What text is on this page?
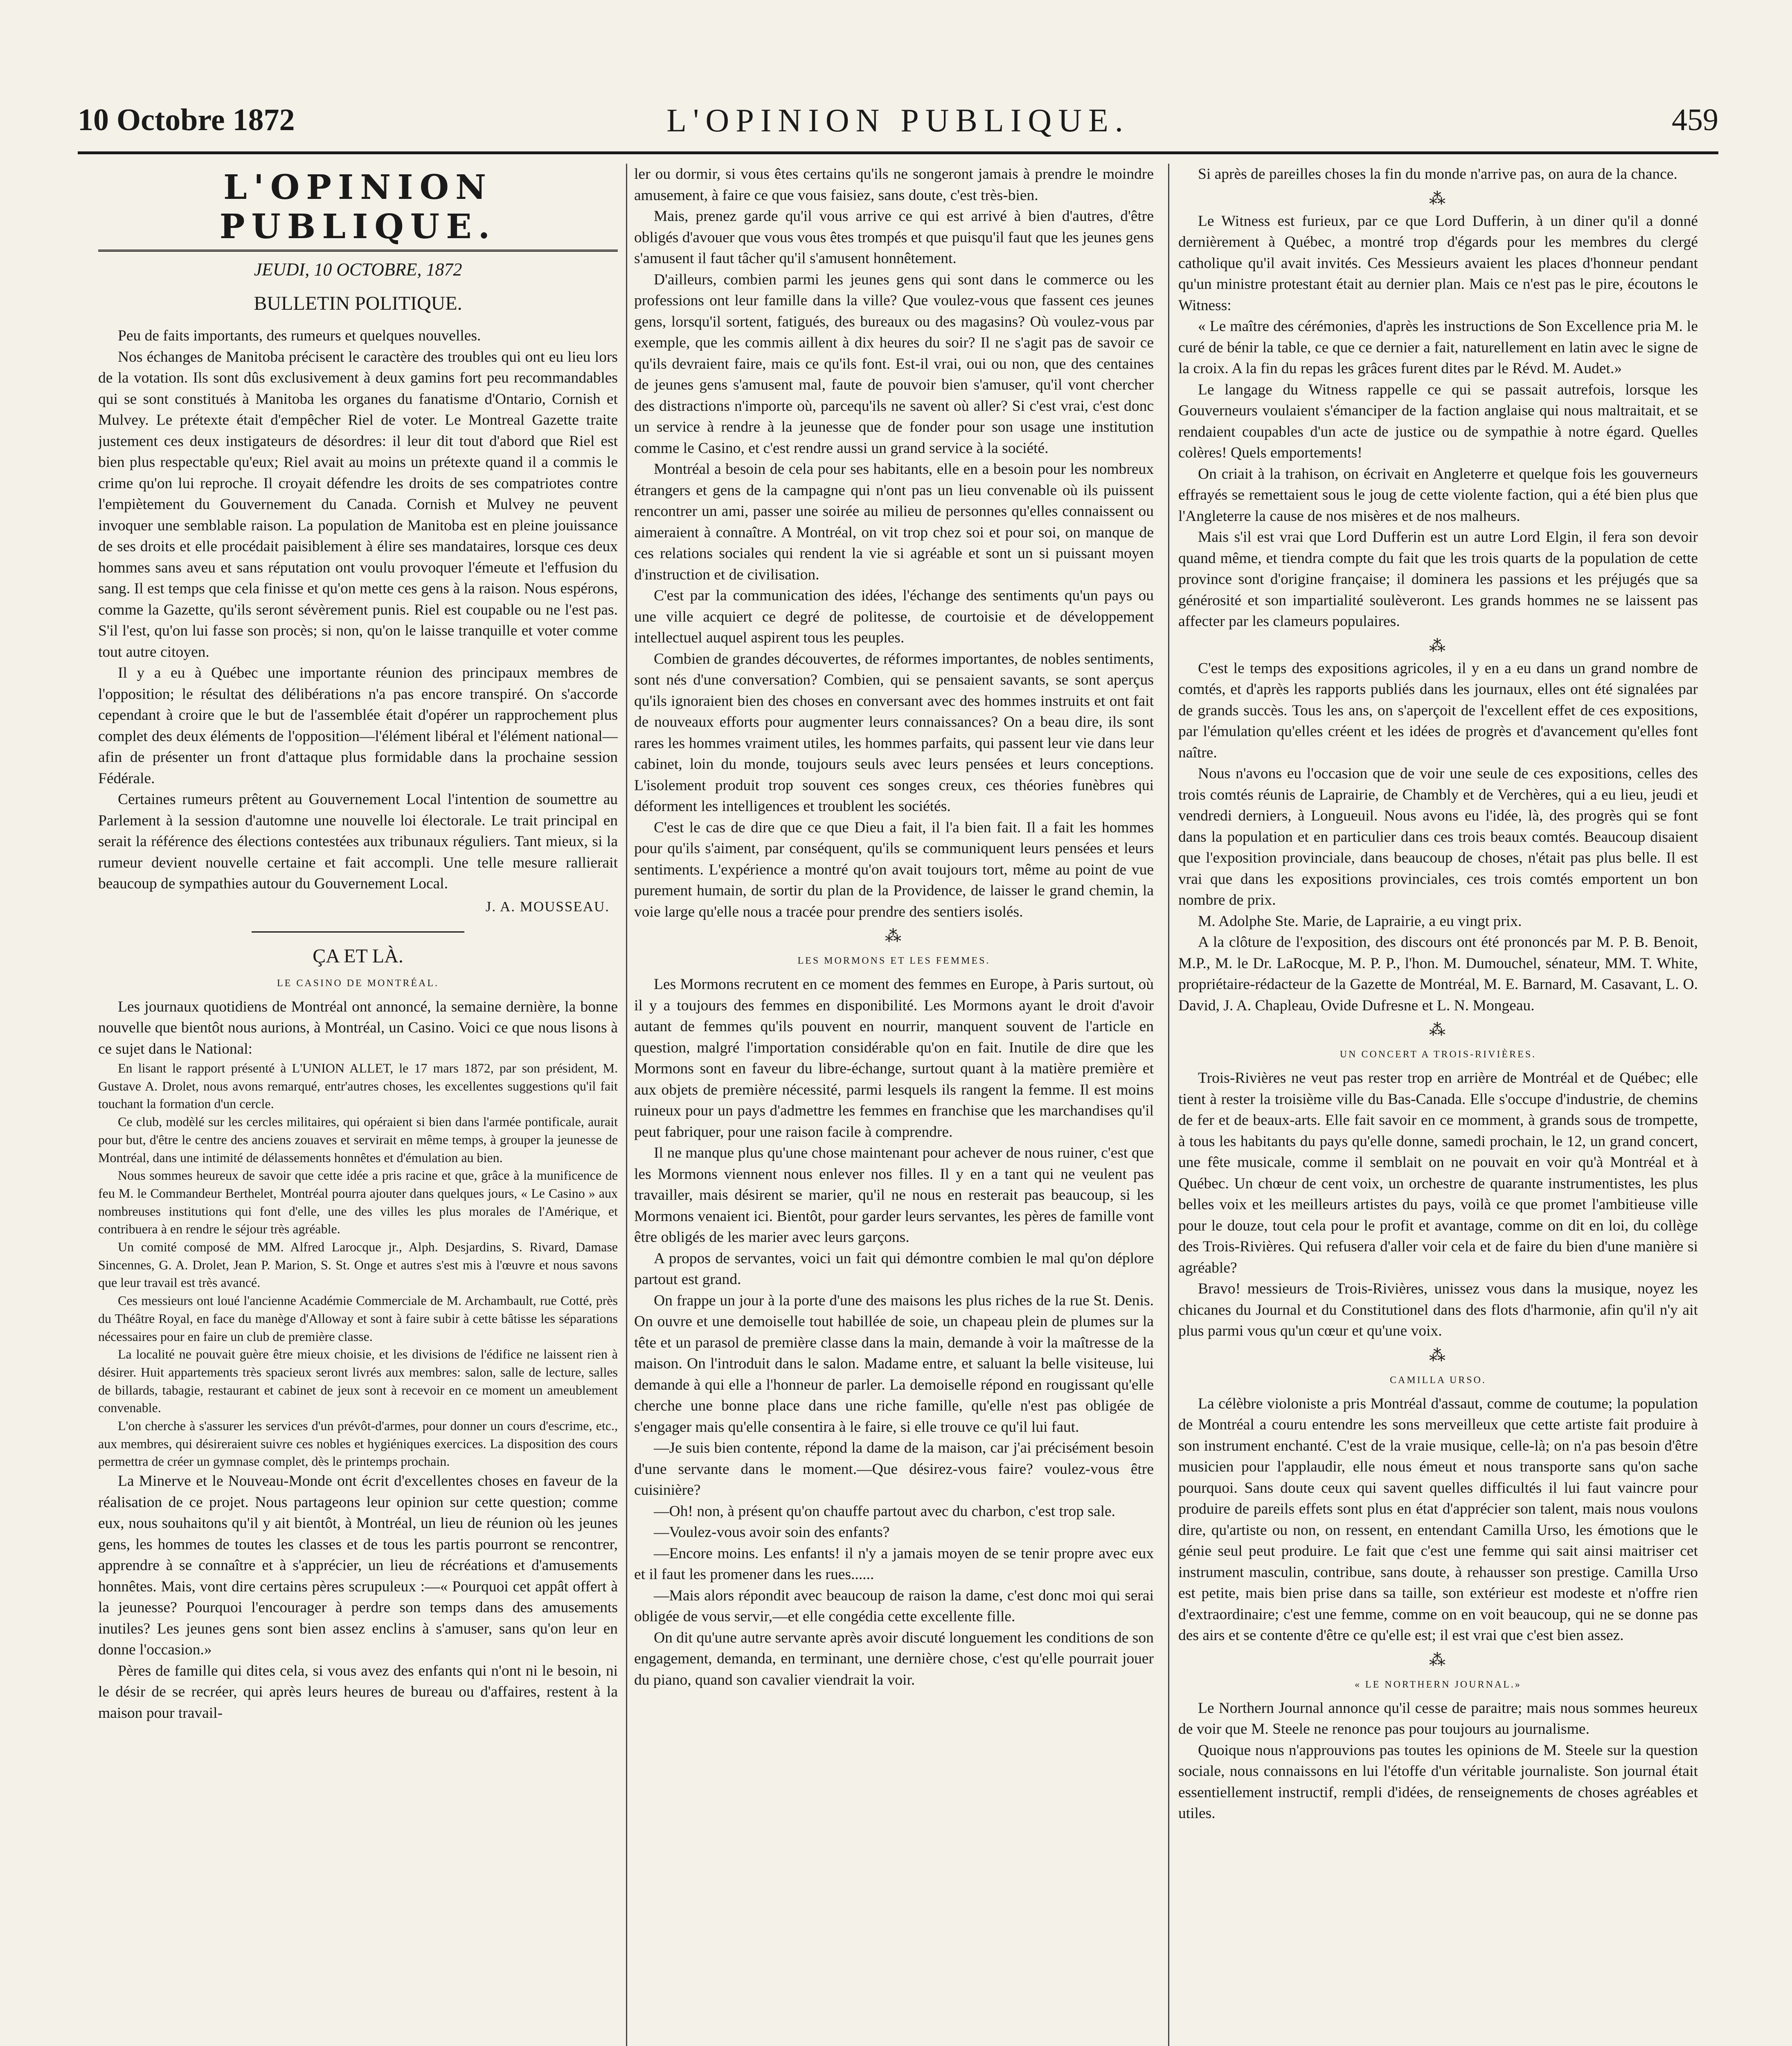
10 Octobre 1872	L'OPINION PUBLIQUE.	459
L'OPINION PUBLIQUE.
JEUDI, 10 OCTOBRE, 1872
BULLETIN POLITIQUE.

Peu de faits importants, des rumeurs et quelques nouvelles.

Nos échanges de Manitoba précisent le caractère des troubles qui ont eu lieu lors de la votation. Ils sont dûs exclusivement à deux gamins fort peu recommandables qui se sont constitués à Manitoba les organes du fanatisme d'Ontario, Cornish et Mulvey. Le prétexte était d'empêcher Riel de voter. Le Montreal Gazette traite justement ces deux instigateurs de désordres: il leur dit tout d'abord que Riel est bien plus respectable qu'eux; Riel avait au moins un prétexte quand il a commis le crime qu'on lui reproche. Il croyait défendre les droits de ses compatriotes contre l'empiètement du Gouvernement du Canada. Cornish et Mulvey ne peuvent invoquer une semblable raison. La population de Manitoba est en pleine jouissance de ses droits et elle procédait paisiblement à élire ses mandataires, lorsque ces deux hommes sans aveu et sans réputation ont voulu provoquer l'émeute et l'effusion du sang. Il est temps que cela finisse et qu'on mette ces gens à la raison. Nous espérons, comme la Gazette, qu'ils seront sévèrement punis. Riel est coupable ou ne l'est pas. S'il l'est, qu'on lui fasse son procès; si non, qu'on le laisse tranquille et voter comme tout autre citoyen.

Il y a eu à Québec une importante réunion des principaux membres de l'opposition; le résultat des délibérations n'a pas encore transpiré. On s'accorde cependant à croire que le but de l'assemblée était d'opérer un rapprochement plus complet des deux éléments de l'opposition—l'élément libéral et l'élément national—afin de présenter un front d'attaque plus formidable dans la prochaine session Fédérale.

Certaines rumeurs prêtent au Gouvernement Local l'intention de soumettre au Parlement à la session d'automne une nouvelle loi électorale. Le trait principal en serait la référence des élections contestées aux tribunaux réguliers. Tant mieux, si la rumeur devient nouvelle certaine et fait accompli. Une telle mesure rallierait beaucoup de sympathies autour du Gouvernement Local.

J. A. MOUSSEAU.
ÇA ET LÀ.
LE CASINO DE MONTRÉAL.

Les journaux quotidiens de Montréal ont annoncé, la semaine dernière, la bonne nouvelle que bientôt nous aurions, à Montréal, un Casino. Voici ce que nous lisons à ce sujet dans le National:

En lisant le rapport présenté à L'UNION ALLET, le 17 mars 1872, par son président, M. Gustave A. Drolet, nous avons remarqué, entr'autres choses, les excellentes suggestions qu'il fait touchant la formation d'un cercle.

Ce club, modèlé sur les cercles militaires, qui opéraient si bien dans l'armée pontificale, aurait pour but, d'être le centre des anciens zouaves et servirait en même temps, à grouper la jeunesse de Montréal, dans une intimité de délassements honnêtes et d'émulation au bien.

Nous sommes heureux de savoir que cette idée a pris racine et que, grâce à la munificence de feu M. le Commandeur Berthelet, Montréal pourra ajouter dans quelques jours, « Le Casino » aux nombreuses institutions qui font d'elle, une des villes les plus morales de l'Amérique, et contribuera à en rendre le séjour très agréable.

Un comité composé de MM. Alfred Larocque jr., Alph. Desjardins, S. Rivard, Damase Sincennes, G. A. Drolet, Jean P. Marion, S. St. Onge et autres s'est mis à l'œuvre et nous savons que leur travail est très avancé.

Ces messieurs ont loué l'ancienne Académie Commerciale de M. Archambault, rue Cotté, près du Théâtre Royal, en face du manège d'Alloway et sont à faire subir à cette bâtisse les séparations nécessaires pour en faire un club de première classe.

La localité ne pouvait guère être mieux choisie, et les divisions de l'édifice ne laissent rien à désirer. Huit appartements très spacieux seront livrés aux membres: salon, salle de lecture, salles de billards, tabagie, restaurant et cabinet de jeux sont à recevoir en ce moment un ameublement convenable.

L'on cherche à s'assurer les services d'un prévôt-d'armes, pour donner un cours d'escrime, etc., aux membres, qui désireraient suivre ces nobles et hygiéniques exercices. La disposition des cours permettra de créer un gymnase complet, dès le printemps prochain.

La Minerve et le Nouveau-Monde ont écrit d'excellentes choses en faveur de la réalisation de ce projet. Nous partageons leur opinion sur cette question; comme eux, nous souhaitons qu'il y ait bientôt, à Montréal, un lieu de réunion où les jeunes gens, les hommes de toutes les classes et de tous les partis pourront se rencontrer, apprendre à se connaître et à s'apprécier, un lieu de récréations et d'amusements honnêtes. Mais, vont dire certains pères scrupuleux :—« Pourquoi cet appât offert à la jeunesse? Pourquoi l'encourager à perdre son temps dans des amusements inutiles? Les jeunes gens sont bien assez enclins à s'amuser, sans qu'on leur en donne l'occasion.»

Pères de famille qui dites cela, si vous avez des enfants qui n'ont ni le besoin, ni le désir de se recréer, qui après leurs heures de bureau ou d'affaires, restent à la maison pour travail-

ler ou dormir, si vous êtes certains qu'ils ne songeront jamais à prendre le moindre amusement, à faire ce que vous faisiez, sans doute, c'est très-bien.

Mais, prenez garde qu'il vous arrive ce qui est arrivé à bien d'autres, d'être obligés d'avouer que vous vous êtes trompés et que puisqu'il faut que les jeunes gens s'amusent il faut tâcher qu'il s'amusent honnêtement.

D'ailleurs, combien parmi les jeunes gens qui sont dans le commerce ou les professions ont leur famille dans la ville? Que voulez-vous que fassent ces jeunes gens, lorsqu'il sortent, fatigués, des bureaux ou des magasins? Où voulez-vous par exemple, que les commis aillent à dix heures du soir? Il ne s'agit pas de savoir ce qu'ils devraient faire, mais ce qu'ils font. Est-il vrai, oui ou non, que des centaines de jeunes gens s'amusent mal, faute de pouvoir bien s'amuser, qu'il vont chercher des distractions n'importe où, parcequ'ils ne savent où aller? Si c'est vrai, c'est donc un service à rendre à la jeunesse que de fonder pour son usage une institution comme le Casino, et c'est rendre aussi un grand service à la société.

Montréal a besoin de cela pour ses habitants, elle en a besoin pour les nombreux étrangers et gens de la campagne qui n'ont pas un lieu convenable où ils puissent rencontrer un ami, passer une soirée au milieu de personnes qu'elles connaissent ou aimeraient à connaître. A Montréal, on vit trop chez soi et pour soi, on manque de ces relations sociales qui rendent la vie si agréable et sont un si puissant moyen d'instruction et de civilisation.

C'est par la communication des idées, l'échange des sentiments qu'un pays ou une ville acquiert ce degré de politesse, de courtoisie et de développement intellectuel auquel aspirent tous les peuples.

Combien de grandes découvertes, de réformes importantes, de nobles sentiments, sont nés d'une conversation? Combien, qui se pensaient savants, se sont aperçus qu'ils ignoraient bien des choses en conversant avec des hommes instruits et ont fait de nouveaux efforts pour augmenter leurs connaissances? On a beau dire, ils sont rares les hommes vraiment utiles, les hommes parfaits, qui passent leur vie dans leur cabinet, loin du monde, toujours seuls avec leurs pensées et leurs conceptions. L'isolement produit trop souvent ces songes creux, ces théories funèbres qui déforment les intelligences et troublent les sociétés.

C'est le cas de dire que ce que Dieu a fait, il l'a bien fait. Il a fait les hommes pour qu'ils s'aiment, par conséquent, qu'ils se communiquent leurs pensées et leurs sentiments. L'expérience a montré qu'on avait toujours tort, même au point de vue purement humain, de sortir du plan de la Providence, de laisser le grand chemin, la voie large qu'elle nous a tracée pour prendre des sentiers isolés.

⁂
LES MORMONS ET LES FEMMES.

Les Mormons recrutent en ce moment des femmes en Europe, à Paris surtout, où il y a toujours des femmes en disponibilité. Les Mormons ayant le droit d'avoir autant de femmes qu'ils pouvent en nourrir, manquent souvent de l'article en question, malgré l'importation considérable qu'on en fait. Inutile de dire que les Mormons sont en faveur du libre-échange, surtout quant à la matière première et aux objets de première nécessité, parmi lesquels ils rangent la femme. Il est moins ruineux pour un pays d'admettre les femmes en franchise que les marchandises qu'il peut fabriquer, pour une raison facile à comprendre.

Il ne manque plus qu'une chose maintenant pour achever de nous ruiner, c'est que les Mormons viennent nous enlever nos filles. Il y en a tant qui ne veulent pas travailler, mais désirent se marier, qu'il ne nous en resterait pas beaucoup, si les Mormons venaient ici. Bientôt, pour garder leurs servantes, les pères de famille vont être obligés de les marier avec leurs garçons.

A propos de servantes, voici un fait qui démontre combien le mal qu'on déplore partout est grand.

On frappe un jour à la porte d'une des maisons les plus riches de la rue St. Denis. On ouvre et une demoiselle tout habillée de soie, un chapeau plein de plumes sur la tête et un parasol de première classe dans la main, demande à voir la maîtresse de la maison. On l'introduit dans le salon. Madame entre, et saluant la belle visiteuse, lui demande à qui elle a l'honneur de parler. La demoiselle répond en rougissant qu'elle cherche une bonne place dans une riche famille, qu'elle n'est pas obligée de s'engager mais qu'elle consentira à le faire, si elle trouve ce qu'il lui faut.

—Je suis bien contente, répond la dame de la maison, car j'ai précisément besoin d'une servante dans le moment.—Que désirez-vous faire? voulez-vous être cuisinière?

—Oh! non, à présent qu'on chauffe partout avec du charbon, c'est trop sale.

—Voulez-vous avoir soin des enfants?

—Encore moins. Les enfants! il n'y a jamais moyen de se tenir propre avec eux et il faut les promener dans les rues......

—Mais alors répondit avec beaucoup de raison la dame, c'est donc moi qui serai obligée de vous servir,—et elle congédia cette excellente fille.

On dit qu'une autre servante après avoir discuté longuement les conditions de son engagement, demanda, en terminant, une dernière chose, c'est qu'elle pourrait jouer du piano, quand son cavalier viendrait la voir.

Si après de pareilles choses la fin du monde n'arrive pas, on aura de la chance.

⁂

Le Witness est furieux, par ce que Lord Dufferin, à un diner qu'il a donné dernièrement à Québec, a montré trop d'égards pour les membres du clergé catholique qu'il avait invités. Ces Messieurs avaient les places d'honneur pendant qu'un ministre protestant était au dernier plan. Mais ce n'est pas le pire, écoutons le Witness:

« Le maître des cérémonies, d'après les instructions de Son Excellence pria M. le curé de bénir la table, ce que ce dernier a fait, naturellement en latin avec le signe de la croix. A la fin du repas les grâces furent dites par le Révd. M. Audet.»

Le langage du Witness rappelle ce qui se passait autrefois, lorsque les Gouverneurs voulaient s'émanciper de la faction anglaise qui nous maltraitait, et se rendaient coupables d'un acte de justice ou de sympathie à notre égard. Quelles colères! Quels emportements!

On criait à la trahison, on écrivait en Angleterre et quelque fois les gouverneurs effrayés se remettaient sous le joug de cette violente faction, qui a été bien plus que l'Angleterre la cause de nos misères et de nos malheurs.

Mais s'il est vrai que Lord Dufferin est un autre Lord Elgin, il fera son devoir quand même, et tiendra compte du fait que les trois quarts de la population de cette province sont d'origine française; il dominera les passions et les préjugés que sa générosité et son impartialité soulèveront. Les grands hommes ne se laissent pas affecter par les clameurs populaires.

⁂

C'est le temps des expositions agricoles, il y en a eu dans un grand nombre de comtés, et d'après les rapports publiés dans les journaux, elles ont été signalées par de grands succès. Tous les ans, on s'aperçoit de l'excellent effet de ces expositions, par l'émulation qu'elles créent et les idées de progrès et d'avancement qu'elles font naître.

Nous n'avons eu l'occasion que de voir une seule de ces expositions, celles des trois comtés réunis de Laprairie, de Chambly et de Verchères, qui a eu lieu, jeudi et vendredi derniers, à Longueuil. Nous avons eu l'idée, là, des progrès qui se font dans la population et en particulier dans ces trois beaux comtés. Beaucoup disaient que l'exposition provinciale, dans beaucoup de choses, n'était pas plus belle. Il est vrai que dans les expositions provinciales, ces trois comtés emportent un bon nombre de prix.

M. Adolphe Ste. Marie, de Laprairie, a eu vingt prix.

A la clôture de l'exposition, des discours ont été prononcés par M. P. B. Benoit, M.P., M. le Dr. LaRocque, M. P. P., l'hon. M. Dumouchel, sénateur, MM. T. White, propriétaire-rédacteur de la Gazette de Montréal, M. E. Barnard, M. Casavant, L. O. David, J. A. Chapleau, Ovide Dufresne et L. N. Mongeau.

⁂
UN CONCERT A TROIS-RIVIÈRES.

Trois-Rivières ne veut pas rester trop en arrière de Montréal et de Québec; elle tient à rester la troisième ville du Bas-Canada. Elle s'occupe d'industrie, de chemins de fer et de beaux-arts. Elle fait savoir en ce momment, à grands sous de trompette, à tous les habitants du pays qu'elle donne, samedi prochain, le 12, un grand concert, une fête musicale, comme il semblait on ne pouvait en voir qu'à Montréal et à Québec. Un chœur de cent voix, un orchestre de quarante instrumentistes, les plus belles voix et les meilleurs artistes du pays, voilà ce que promet l'ambitieuse ville pour le douze, tout cela pour le profit et avantage, comme on dit en loi, du collège des Trois-Rivières. Qui refusera d'aller voir cela et de faire du bien d'une manière si agréable?

Bravo! messieurs de Trois-Rivières, unissez vous dans la musique, noyez les chicanes du Journal et du Constitutionel dans des flots d'harmonie, afin qu'il n'y ait plus parmi vous qu'un cœur et qu'une voix.

⁂
CAMILLA URSO.

La célèbre violoniste a pris Montréal d'assaut, comme de coutume; la population de Montréal a couru entendre les sons merveilleux que cette artiste fait produire à son instrument enchanté. C'est de la vraie musique, celle-là; on n'a pas besoin d'être musicien pour l'applaudir, elle nous émeut et nous transporte sans qu'on sache pourquoi. Sans doute ceux qui savent quelles difficultés il lui faut vaincre pour produire de pareils effets sont plus en état d'apprécier son talent, mais nous voulons dire, qu'artiste ou non, on ressent, en entendant Camilla Urso, les émotions que le génie seul peut produire. Le fait que c'est une femme qui sait ainsi maitriser cet instrument masculin, contribue, sans doute, à rehausser son prestige. Camilla Urso est petite, mais bien prise dans sa taille, son extérieur est modeste et n'offre rien d'extraordinaire; c'est une femme, comme on en voit beaucoup, qui ne se donne pas des airs et se contente d'être ce qu'elle est; il est vrai que c'est bien assez.

⁂
« LE NORTHERN JOURNAL.»

Le Northern Journal annonce qu'il cesse de paraitre; mais nous sommes heureux de voir que M. Steele ne renonce pas pour toujours au journalisme.

Quoique nous n'approuvions pas toutes les opinions de M. Steele sur la question sociale, nous connaissons en lui l'étoffe d'un véritable journaliste. Son journal était essentiellement instructif, rempli d'idées, de renseignements de choses agréables et utiles.
